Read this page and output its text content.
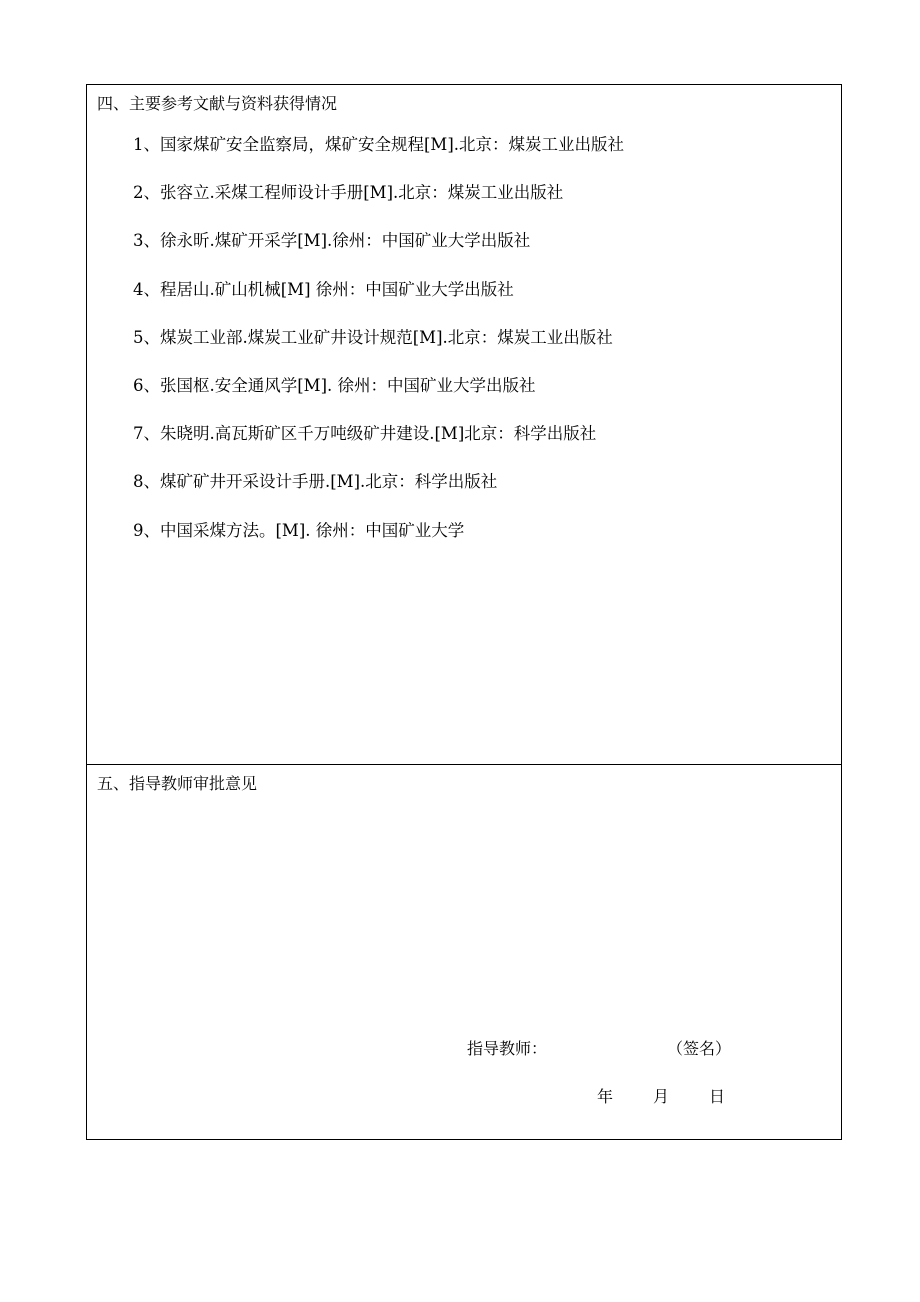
四、主要参考文献与资料获得情况
1、国家煤矿安全监察局，煤矿安全规程[M].北京：煤炭工业出版社
2、张容立.采煤工程师设计手册[M].北京：煤炭工业出版社
3、徐永昕.煤矿开采学[M].徐州：中国矿业大学出版社
4、程居山.矿山机械[M] 徐州：中国矿业大学出版社
5、煤炭工业部.煤炭工业矿井设计规范[M].北京：煤炭工业出版社
6、张国枢.安全通风学[M]. 徐州：中国矿业大学出版社
7、朱晓明.高瓦斯矿区千万吨级矿井建设.[M]北京：科学出版社
8、煤矿矿井开采设计手册.[M].北京：科学出版社
9、中国采煤方法。[M]. 徐州：中国矿业大学
五、指导教师审批意见
指导教师：	（签名）
年 月 日
